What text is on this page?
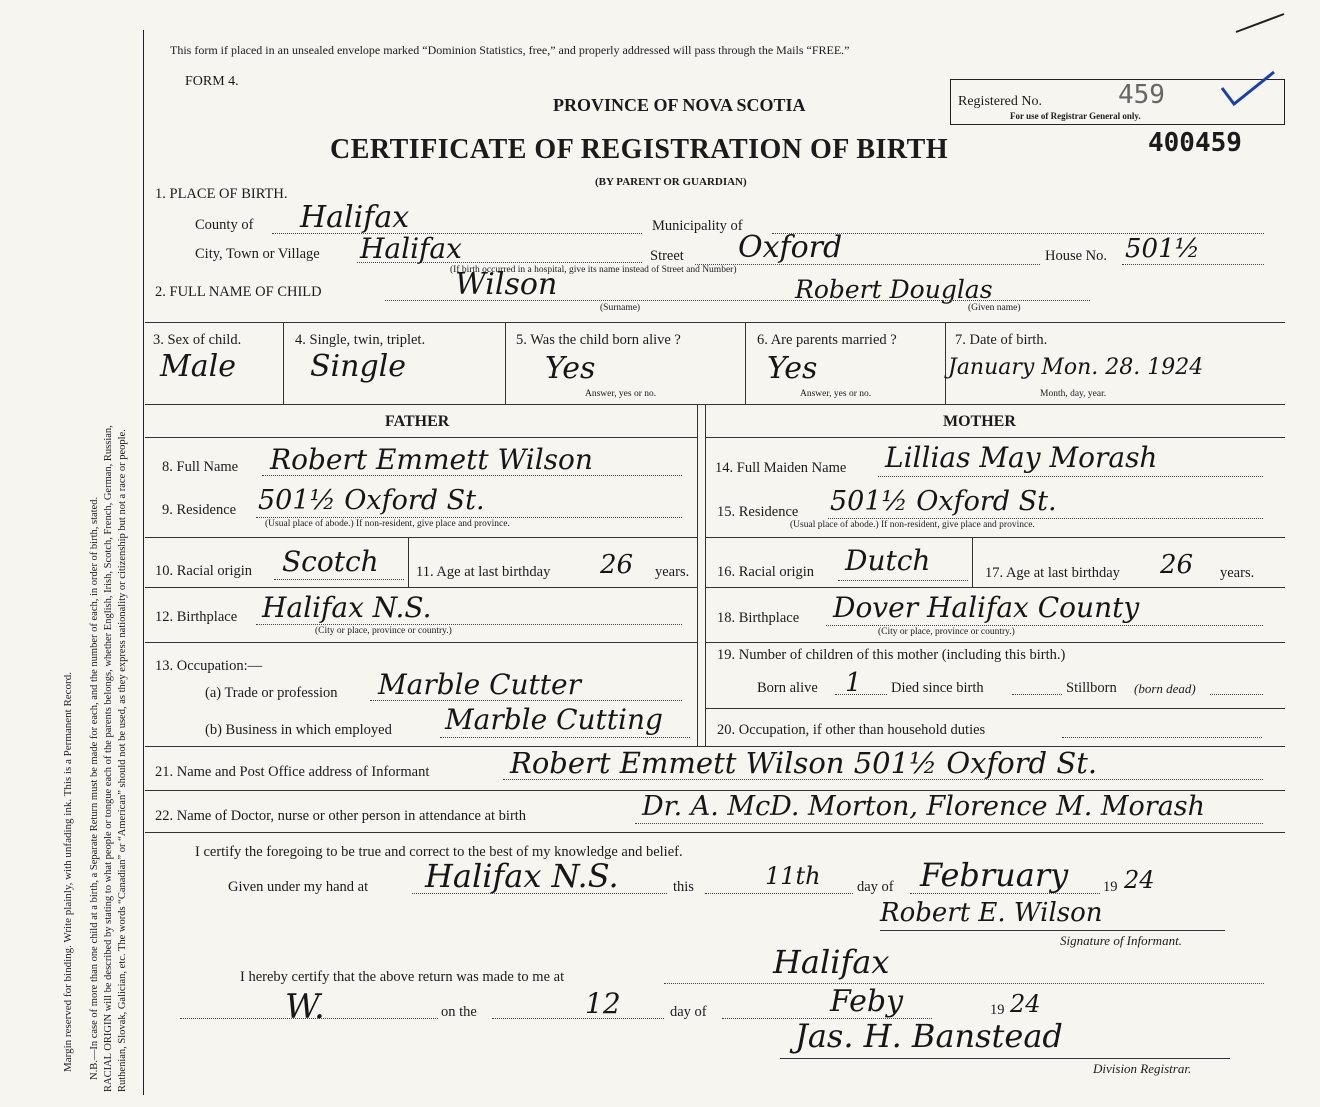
Margin reserved for binding. Write plainly, with unfading ink. This is a Permanent Record. N.B.—In case of more than one child at a birth, a Separate Return must be made for each, and the number of each, in order of birth, stated. RACIAL ORIGIN will be described by stating to what people or tongue each of the parents belongs, whether English, Irish, Scotch, French, German, Russian, Ruthenian, Slovak, Galician, etc. The words “Canadian” or “American” should not be used, as they express nationality or citizenship but not a race or people.
This form if placed in an unsealed envelope marked “Dominion Statistics, free,” and properly addressed will pass through the Mails “FREE.”
FORM 4.
PROVINCE OF NOVA SCOTIA
CERTIFICATE OF REGISTRATION OF BIRTH
(BY PARENT OR GUARDIAN)
Registered No.	459
For use of Registrar General only.
400459
1. PLACE OF BIRTH.
County of Halifax	Municipality of
City, Town or Village Halifax	Street Oxford	House No. 501½
(If birth occurred in a hospital, give its name instead of Street and Number)
2. FULL NAME OF CHILD	Wilson	Robert Douglas
(Surname)	(Given name)
3. Sex of child.
Male
4. Single, twin, triplet.
Single
5. Was the child born alive ?
Yes
Answer, yes or no.
6. Are parents married ?
Yes
Answer, yes or no.
7. Date of birth.
January Mon. 28. 1924
Month, day, year.
FATHER	MOTHER
8. Full Name Robert Emmett Wilson	14. Full Maiden Name Lillias May Morash
9. Residence 501½ Oxford St.
(Usual place of abode.) If non-resident, give place and province.
15. Residence 501½ Oxford St.
(Usual place of abode.) If non-resident, give place and province.
10. Racial origin Scotch	11. Age at last birthday 26 years. 16. Racial origin Dutch	17. Age at last birthday 26 years.
12. Birthplace Halifax N.S.
(City or place, province or country.)
18. Birthplace Dover Halifax County
(City or place, province or country.)
13. Occupation:—
(a) Trade or profession Marble Cutter
(b) Business in which employed Marble Cutting
19. Number of children of this mother (including this birth.)
Born alive 1 Died since birth	Stillborn (born dead)
20. Occupation, if other than household duties
21. Name and Post Office address of Informant	Robert Emmett Wilson 501½ Oxford St.
22. Name of Doctor, nurse or other person in attendance at birth	Dr. A. McD. Morton, Florence M. Morash
I certify the foregoing to be true and correct to the best of my knowledge and belief.
Given under my hand at Halifax N.S.	this	11th	day of February 19 24
Robert E. Wilson
Signature of Informant.
I hereby certify that the above return was made to me at	Halifax
W.	on the	12	day of	Feby	19 24
Jas. H. Banstead
Division Registrar.
